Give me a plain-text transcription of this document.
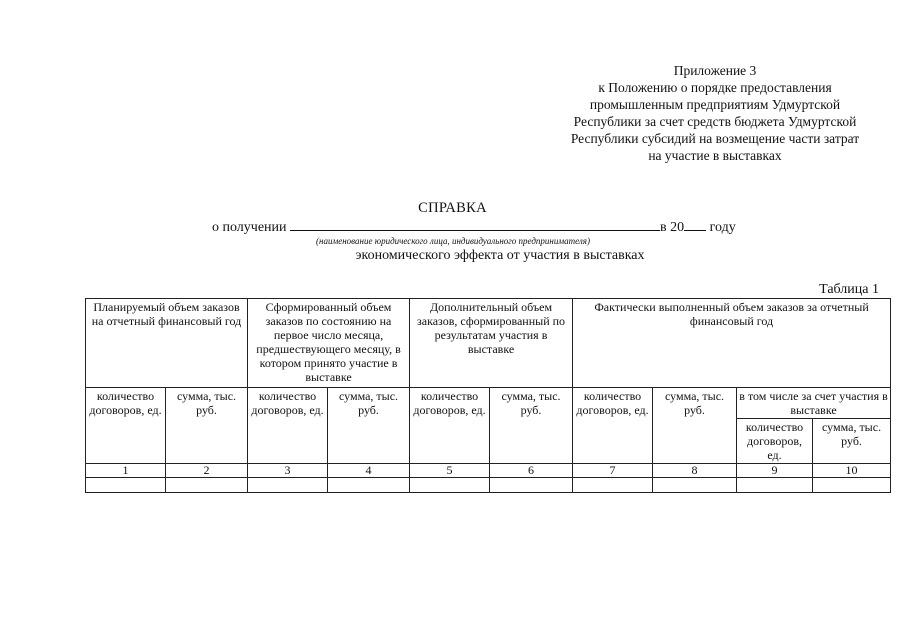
Приложение 3
к Положению о порядке предоставления
промышленным предприятиям Удмуртской
Республики за счет средств бюджета Удмуртской
Республики субсидий на возмещение части затрат
на участие в выставках
СПРАВКА
о получении	в 20 году
(наименование юридического лица, индивидуального предпринимателя)
экономического эффекта от участия в выставках
Таблица 1
Планируемый объем заказов на отчетный финансовый год		Сформированный объем заказов по состоянию на первое число месяца, предшествующего месяцу, в котором принято участие в выставке		Дополнительный объем заказов, сформированный по результатам участия в выставке		Фактически выполненный объем заказов за отчетный финансовый год			
количество договоров, ед.	сумма, тыс. руб.	количество договоров, ед.	сумма, тыс. руб.	количество договоров, ед.	сумма, тыс. руб.	количество договоров, ед.	сумма, тыс. руб.	в том числе за счет участия в выставке	
								количество договоров, ед.	сумма, тыс. руб.
1	2	3	4	5	6	7	8	9	10
